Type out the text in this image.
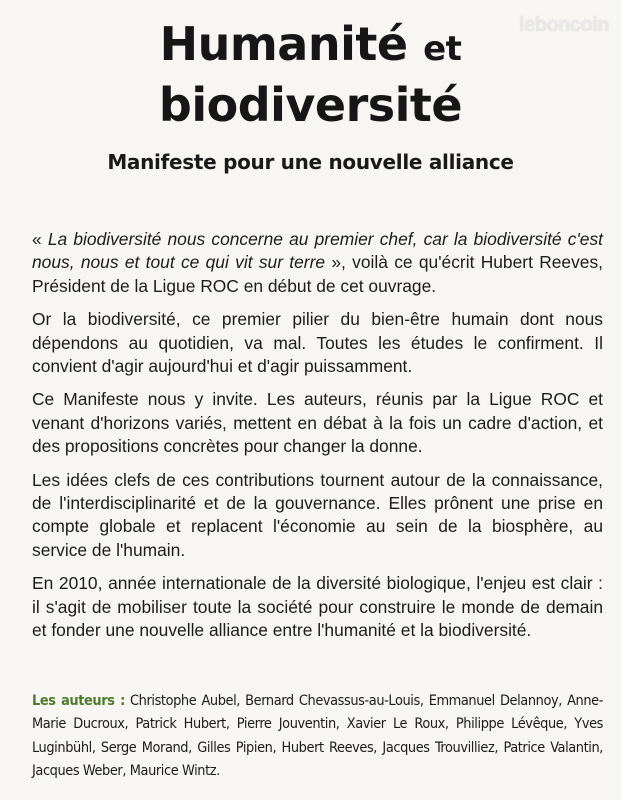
leboncoin
Humanité et
biodiversité
Manifeste pour une nouvelle alliance

« La biodiversité nous concerne au premier chef, car la biodiversité c'est nous, nous et tout ce qui vit sur terre », voilà ce qu'écrit Hubert Reeves, Président de la Ligue ROC en début de cet ouvrage.

Or la biodiversité, ce premier pilier du bien-être humain dont nous dépendons au quotidien, va mal. Toutes les études le confirment. Il convient d'agir aujourd'hui et d'agir puissamment.

Ce Manifeste nous y invite. Les auteurs, réunis par la Ligue ROC et venant d'horizons variés, mettent en débat à la fois un cadre d'action, et des propositions concrètes pour changer la donne.

Les idées clefs de ces contributions tournent autour de la connaissance, de l'interdisciplinarité et de la gouvernance. Elles prônent une prise en compte globale et replacent l'économie au sein de la biosphère, au service de l'humain.

En 2010, année internationale de la diversité biologique, l'enjeu est clair : il s'agit de mobiliser toute la société pour construire le monde de demain et fonder une nouvelle alliance entre l'humanité et la biodiversité.

Les auteurs : Christophe Aubel, Bernard Chevassus-au-Louis, Emmanuel Delannoy, Anne-Marie Ducroux, Patrick Hubert, Pierre Jouventin, Xavier Le Roux, Philippe Lévêque, Yves Luginbühl, Serge Morand, Gilles Pipien, Hubert Reeves, Jacques Trouvilliez, Patrice Valantin, Jacques Weber, Maurice Wintz.
